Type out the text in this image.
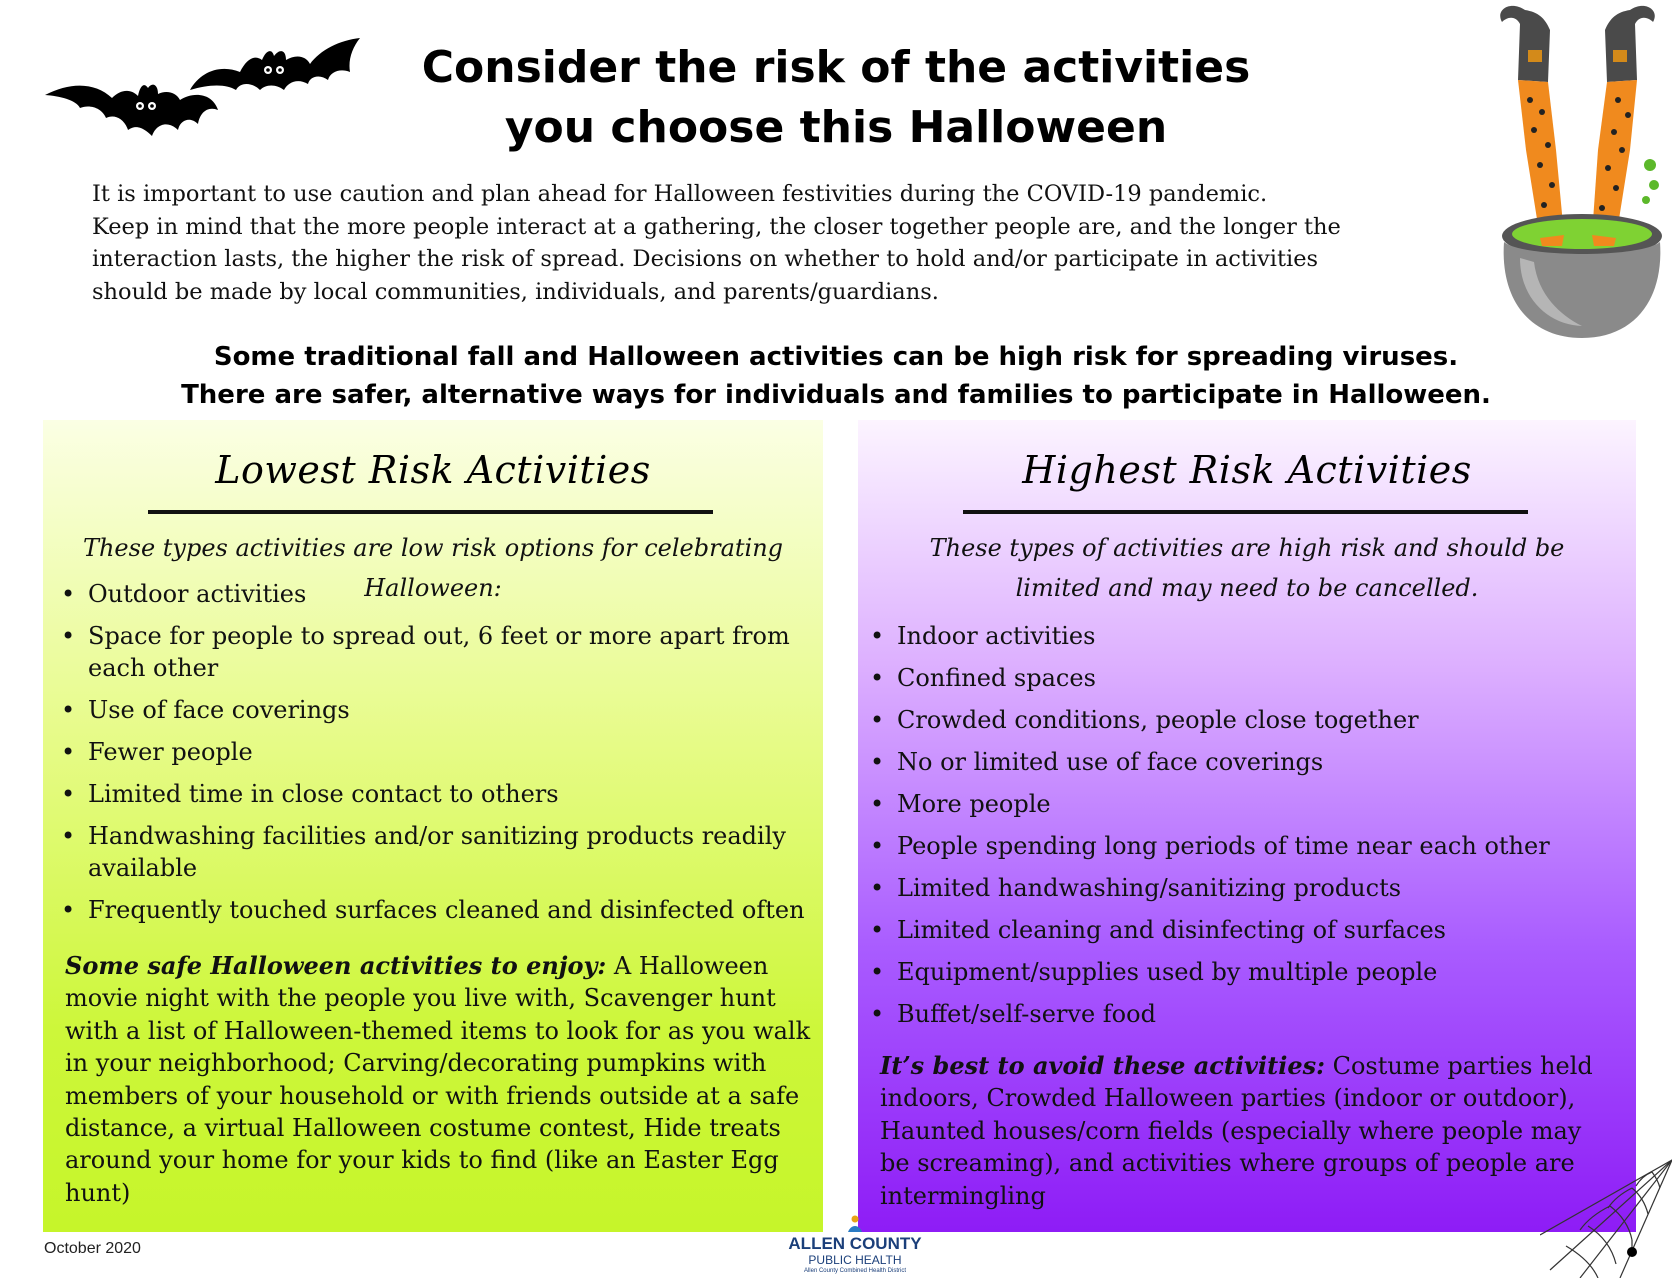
Consider the risk of the activities
you choose this Halloween
It is important to use caution and plan ahead for Halloween festivities during the COVID-19 pandemic.
Keep in mind that the more people interact at a gathering, the closer together people are, and the longer the
interaction lasts, the higher the risk of spread. Decisions on whether to hold and/or participate in activities
should be made by local communities, individuals, and parents/guardians.
Some traditional fall and Halloween activities can be high risk for spreading viruses.
There are safer, alternative ways for individuals and families to participate in Halloween.
Lowest Risk Activities
These types activities are low risk options for celebrating Halloween:
• Outdoor activities
• Space for people to spread out, 6 feet or more apart from each other
• Use of face coverings
• Fewer people
• Limited time in close contact to others
• Handwashing facilities and/or sanitizing products readily available
• Frequently touched surfaces cleaned and disinfected often
Some safe Halloween activities to enjoy: A Halloween movie night with the people you live with, Scavenger hunt with a list of Halloween-themed items to look for as you walk in your neighborhood; Carving/decorating pumpkins with members of your household or with friends outside at a safe distance, a virtual Halloween costume contest, Hide treats around your home for your kids to find (like an Easter Egg hunt)
Highest Risk Activities
These types of activities are high risk and should be limited and may need to be cancelled.
• Indoor activities
• Confined spaces
• Crowded conditions, people close together
• No or limited use of face coverings
• More people
• People spending long periods of time near each other
• Limited handwashing/sanitizing products
• Limited cleaning and disinfecting of surfaces
• Equipment/supplies used by multiple people
• Buffet/self-serve food
It’s best to avoid these activities: Costume parties held indoors, Crowded Halloween parties (indoor or outdoor), Haunted houses/corn fields (especially where people may be screaming), and activities where groups of people are intermingling
October 2020	ALLEN COUNTY
PUBLIC HEALTH
Allen County Combined Health District
